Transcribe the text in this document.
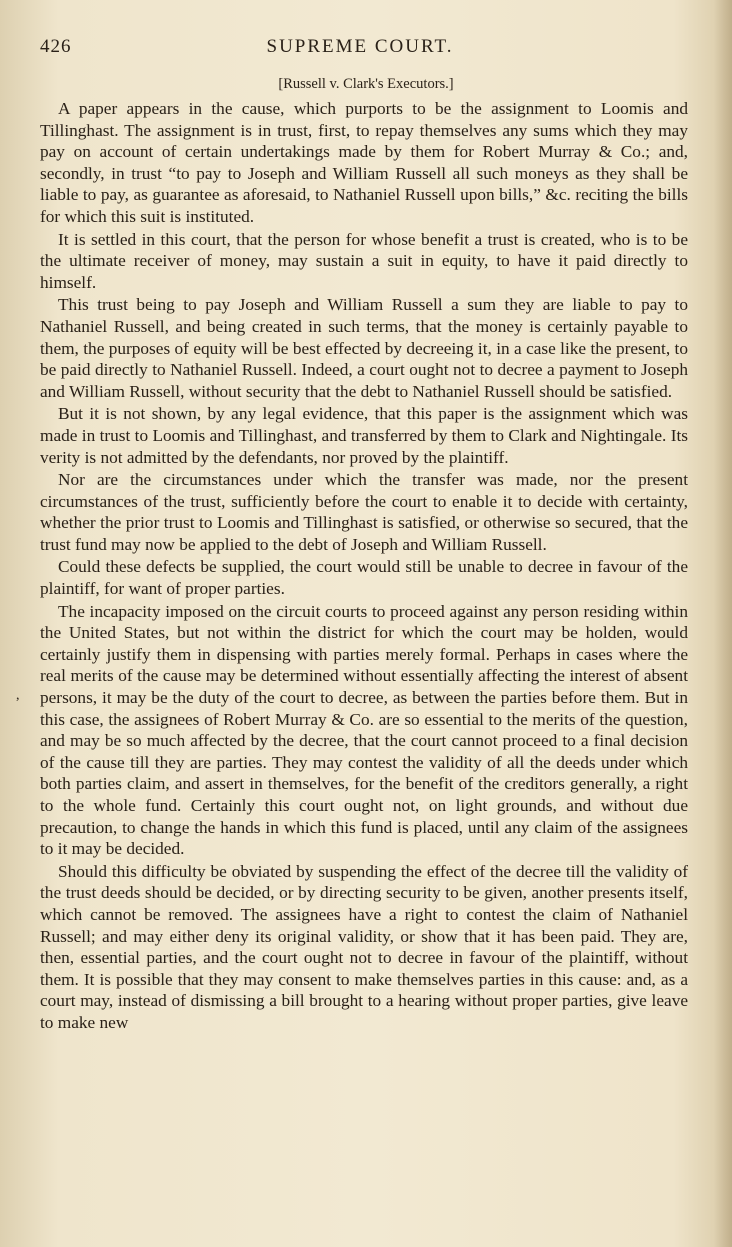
426	SUPREME COURT.
[Russell v. Clark's Executors.]

A paper appears in the cause, which purports to be the assignment to Loomis and Tillinghast. The assignment is in trust, first, to repay themselves any sums which they may pay on account of certain undertakings made by them for Robert Murray & Co.; and, secondly, in trust “to pay to Joseph and William Russell all such moneys as they shall be liable to pay, as guarantee as aforesaid, to Nathaniel Russell upon bills,” &c. reciting the bills for which this suit is instituted.

It is settled in this court, that the person for whose benefit a trust is created, who is to be the ultimate receiver of money, may sustain a suit in equity, to have it paid directly to himself.

This trust being to pay Joseph and William Russell a sum they are liable to pay to Nathaniel Russell, and being created in such terms, that the money is certainly payable to them, the purposes of equity will be best effected by decreeing it, in a case like the present, to be paid directly to Nathaniel Russell. Indeed, a court ought not to decree a payment to Joseph and William Russell, without security that the debt to Nathaniel Russell should be satisfied.

But it is not shown, by any legal evidence, that this paper is the assignment which was made in trust to Loomis and Tillinghast, and transferred by them to Clark and Nightingale. Its verity is not admitted by the defendants, nor proved by the plaintiff.

Nor are the circumstances under which the transfer was made, nor the present circumstances of the trust, sufficiently before the court to enable it to decide with certainty, whether the prior trust to Loomis and Tillinghast is satisfied, or otherwise so secured, that the trust fund may now be applied to the debt of Joseph and William Russell.

Could these defects be supplied, the court would still be unable to decree in favour of the plaintiff, for want of proper parties.

The incapacity imposed on the circuit courts to proceed against any person residing within the United States, but not within the district for which the court may be holden, would certainly justify them in dispensing with parties merely formal. Perhaps in cases where the real merits of the cause may be determined without essentially affecting the interest of absent persons, it may be the duty of the court to decree, as between the parties before them. But in this case, the assignees of Robert Murray & Co. are so essential to the merits of the question, and may be so much affected by the decree, that the court cannot proceed to a final decision of the cause till they are parties. They may contest the validity of all the deeds under which both parties claim, and assert in themselves, for the benefit of the creditors generally, a right to the whole fund. Certainly this court ought not, on light grounds, and without due precaution, to change the hands in which this fund is placed, until any claim of the assignees to it may be decided.

Should this difficulty be obviated by suspending the effect of the decree till the validity of the trust deeds should be decided, or by directing security to be given, another presents itself, which cannot be removed. The assignees have a right to contest the claim of Nathaniel Russell; and may either deny its original validity, or show that it has been paid. They are, then, essential parties, and the court ought not to decree in favour of the plaintiff, without them. It is possible that they may consent to make themselves parties in this cause: and, as a court may, instead of dismissing a bill brought to a hearing without proper parties, give leave to make new

,
